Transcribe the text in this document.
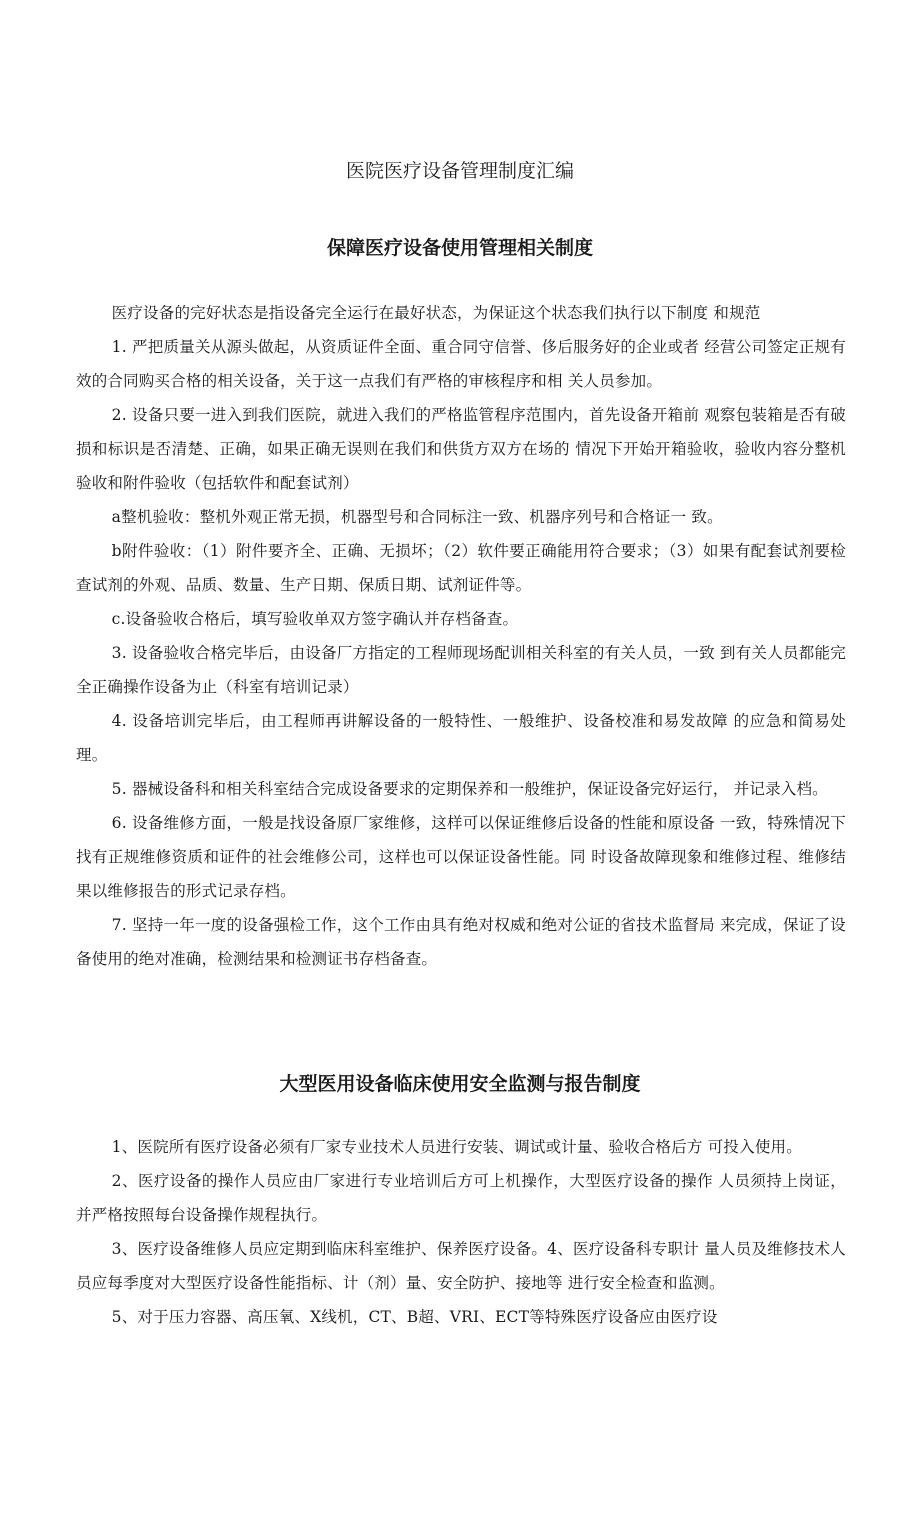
医院医疗设备管理制度汇编
保障医疗设备使用管理相关制度

医疗设备的完好状态是指设备完全运行在最好状态，为保证这个状态我们执行以下制度 和规范

1. 严把质量关从源头做起，从资质证件全面、重合同守信誉、侈后服务好的企业或者 经营公司签定正规有效的合同购买合格的相关设备，关于这一点我们有严格的审核程序和相 关人员参加。

2. 设备只要一进入到我们医院，就进入我们的严格监管程序范围内，首先设备开箱前 观察包装箱是否有破损和标识是否清楚、正确，如果正确无误则在我们和供货方双方在场的 情况下开始开箱验收，验收内容分整机验收和附件验收（包括软件和配套试剂）

a整机验收：整机外观正常无损，机器型号和合同标注一致、机器序列号和合格证一 致。

b附件验收：（1）附件要齐全、正确、无损坏；（2）软件要正确能用符合要求；（3）如果有配套试剂要检查试剂的外观、品质、数量、生产日期、保质日期、试剂证件等。

c.设备验收合格后，填写验收单双方签字确认并存档备查。

3. 设备验收合格完毕后，由设备厂方指定的工程师现场配训相关科室的有关人员，一致 到有关人员都能完全正确操作设备为止（科室有培训记录）

4. 设备培训完毕后，由工程师再讲解设备的一般特性、一般维护、设备校准和易发故障 的应急和简易处理。

5. 器械设备科和相关科室结合完成设备要求的定期保养和一般维护，保证设备完好运行， 并记录入档。

6. 设备维修方面，一般是找设备原厂家维修，这样可以保证维修后设备的性能和原设备 一致，特殊情况下找有正规维修资质和证件的社会维修公司，这样也可以保证设备性能。同 时设备故障现象和维修过程、维修结果以维修报告的形式记录存档。

7. 坚持一年一度的设备强检工作，这个工作由具有绝对权威和绝对公证的省技术监督局 来完成，保证了设备使用的绝对准确，检测结果和检测证书存档备查。

大型医用设备临床使用安全监测与报告制度

1、医院所有医疗设备必须有厂家专业技术人员进行安装、调试或计量、验收合格后方 可投入使用。

2、医疗设备的操作人员应由厂家进行专业培训后方可上机操作，大型医疗设备的操作 人员须持上岗证，并严格按照每台设备操作规程执行。

3、医疗设备维修人员应定期到临床科室维护、保养医疗设备。4、医疗设备科专职计 量人员及维修技术人员应每季度对大型医疗设备性能指标、计（剂）量、安全防护、接地等 进行安全检查和监测。

5、对于压力容器、高压氧、X线机，CT、B超、VRI、ECT等特殊医疗设备应由医疗设
